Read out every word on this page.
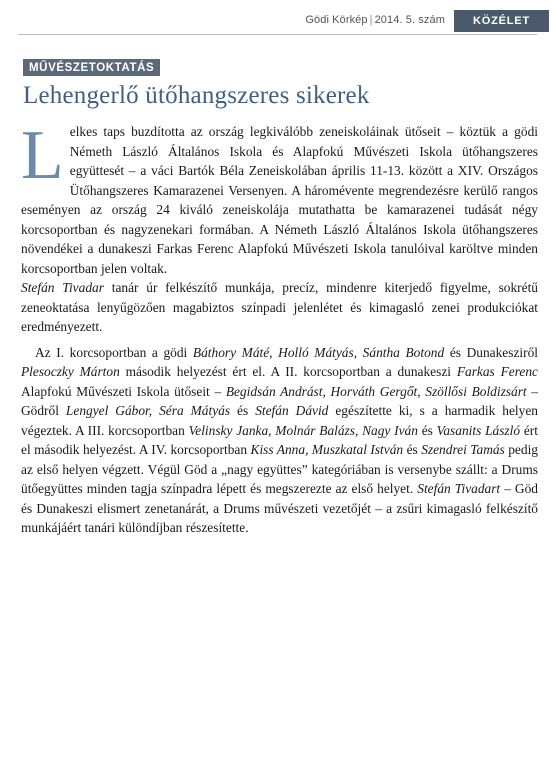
Gödi Körkép | 2014. 5. szám	KÖZÉLET
MŰVÉSZETOKTATÁS
Lehengerlő ütőhangszeres sikerek

Lelkes taps buzdította az ország legkiválóbb zeneiskoláinak ütőseit – köztük a gödi Németh László Általános Iskola és Alapfokú Művészeti Iskola ütőhangszeres együttesét – a váci Bartók Béla Zeneiskolában április 11-13. között a XIV. Országos Ütőhangszeres Kamarazenei Versenyen. A háromévente megrendezésre kerülő rangos eseményen az ország 24 kiváló zeneiskolája mutathatta be kamarazenei tudását négy korcsoportban és nagyzenekari formában. A Németh László Általános Iskola ütőhangszeres növendékei a dunakeszi Farkas Ferenc Alapfokú Művészeti Iskola tanulóival karöltve minden korcsoportban jelen voltak.

Stefán Tivadar tanár úr felkészítő munkája, precíz, mindenre kiterjedő figyelme, sokrétű zeneoktatása lenyűgözően magabiztos színpadi jelenlétet és kimagasló zenei produkciókat eredményezett.

Az I. korcsoportban a gödi Báthory Máté, Holló Mátyás, Sántha Botond és Dunakesziről Plesoczky Márton második helyezést ért el. A II. korcsoportban a dunakeszi Farkas Ferenc Alapfokú Művészeti Iskola ütőseit – Begidsán Andrást, Horváth Gergőt, Szöllősi Boldizsárt – Gödről Lengyel Gábor, Séra Mátyás és Stefán Dávid egészítette ki, s a harmadik helyen végeztek. A III. korcsoportban Velinsky Janka, Molnár Balázs, Nagy Iván és Vasanits László ért el második helyezést. A IV. korcsoportban Kiss Anna, Muszkatal István és Szendrei Tamás pedig az első helyen végzett. Végül Göd a „nagy együttes” kategóriában is versenybe szállt: a Drums ütőegyüttes minden tagja színpadra lépett és megszerezte az első helyet. Stefán Tivadart – Göd és Dunakeszi elismert zenetanárát, a Drums művészeti vezetőjét – a zsűri kimagasló felkészítő munkájáért tanári különdíjban részesítette.
